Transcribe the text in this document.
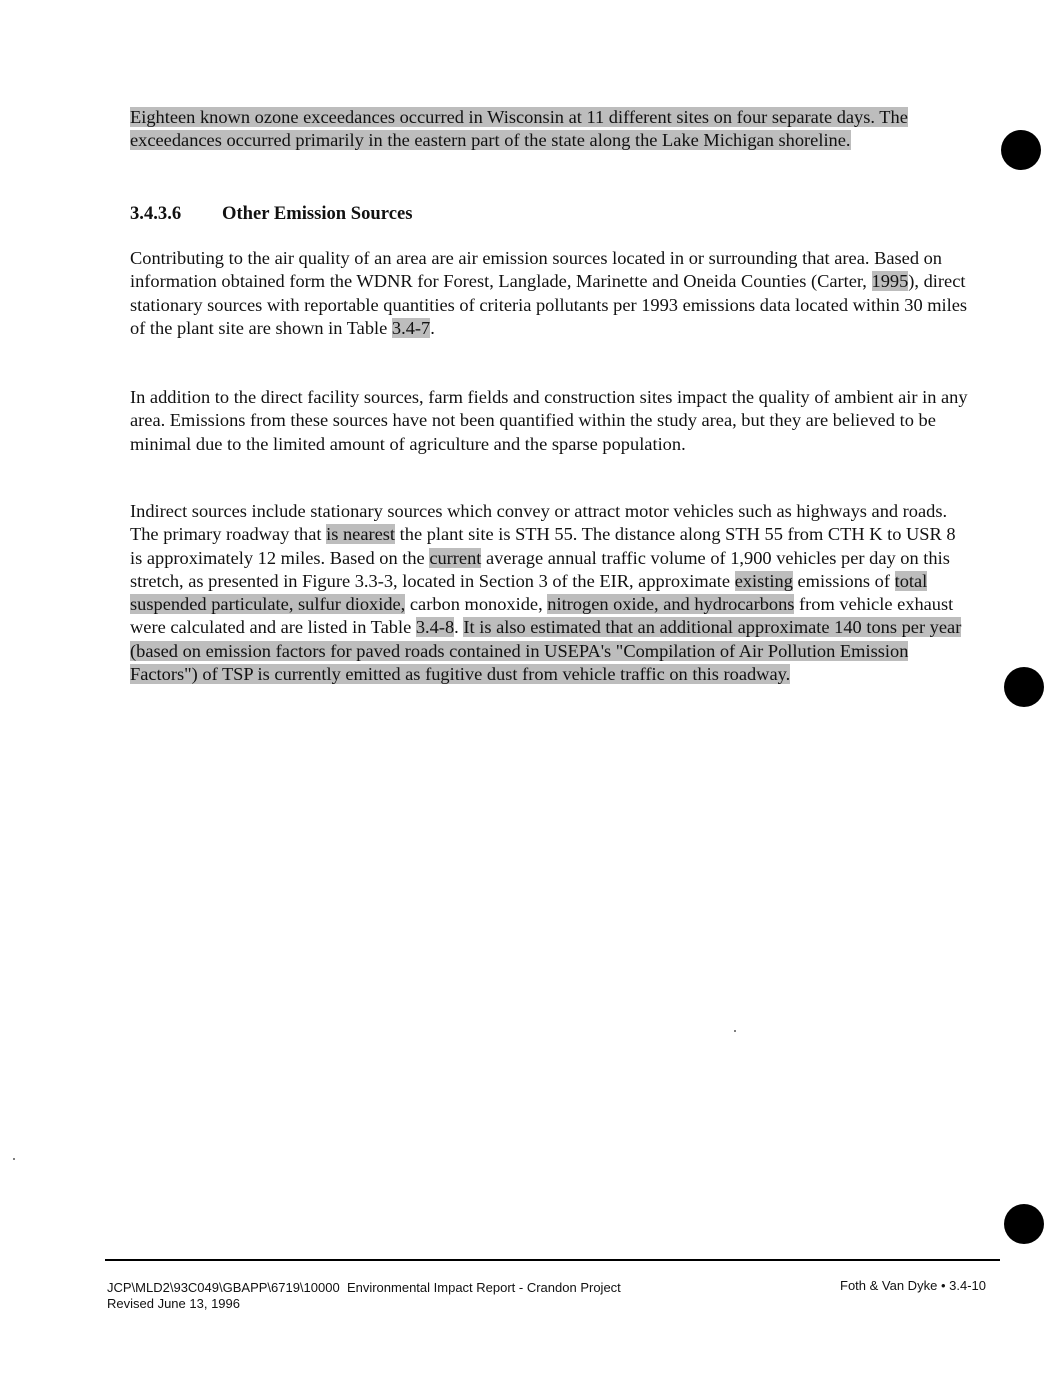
Eighteen known ozone exceedances occurred in Wisconsin at 11 different sites on four separate days. The exceedances occurred primarily in the eastern part of the state along the Lake Michigan shoreline.

3.4.3.6 Other Emission Sources

Contributing to the air quality of an area are air emission sources located in or surrounding that area. Based on information obtained form the WDNR for Forest, Langlade, Marinette and Oneida Counties (Carter, 1995), direct stationary sources with reportable quantities of criteria pollutants per 1993 emissions data located within 30 miles of the plant site are shown in Table 3.4-7.

In addition to the direct facility sources, farm fields and construction sites impact the quality of ambient air in any area. Emissions from these sources have not been quantified within the study area, but they are believed to be minimal due to the limited amount of agriculture and the sparse population.

Indirect sources include stationary sources which convey or attract motor vehicles such as highways and roads. The primary roadway that is nearest the plant site is STH 55. The distance along STH 55 from CTH K to USR 8 is approximately 12 miles. Based on the current average annual traffic volume of 1,900 vehicles per day on this stretch, as presented in Figure 3.3-3, located in Section 3 of the EIR, approximate existing emissions of total suspended particulate, sulfur dioxide, carbon monoxide, nitrogen oxide, and hydrocarbons from vehicle exhaust were calculated and are listed in Table 3.4-8. It is also estimated that an additional approximate 140 tons per year (based on emission factors for paved roads contained in USEPA's "Compilation of Air Pollution Emission Factors") of TSP is currently emitted as fugitive dust from vehicle traffic on this roadway.

JCP\MLD2\93C049\GBAPP\6719\10000 Environmental Impact Report - Crandon Project
Revised June 13, 1996
Foth & Van Dyke • 3.4-10
